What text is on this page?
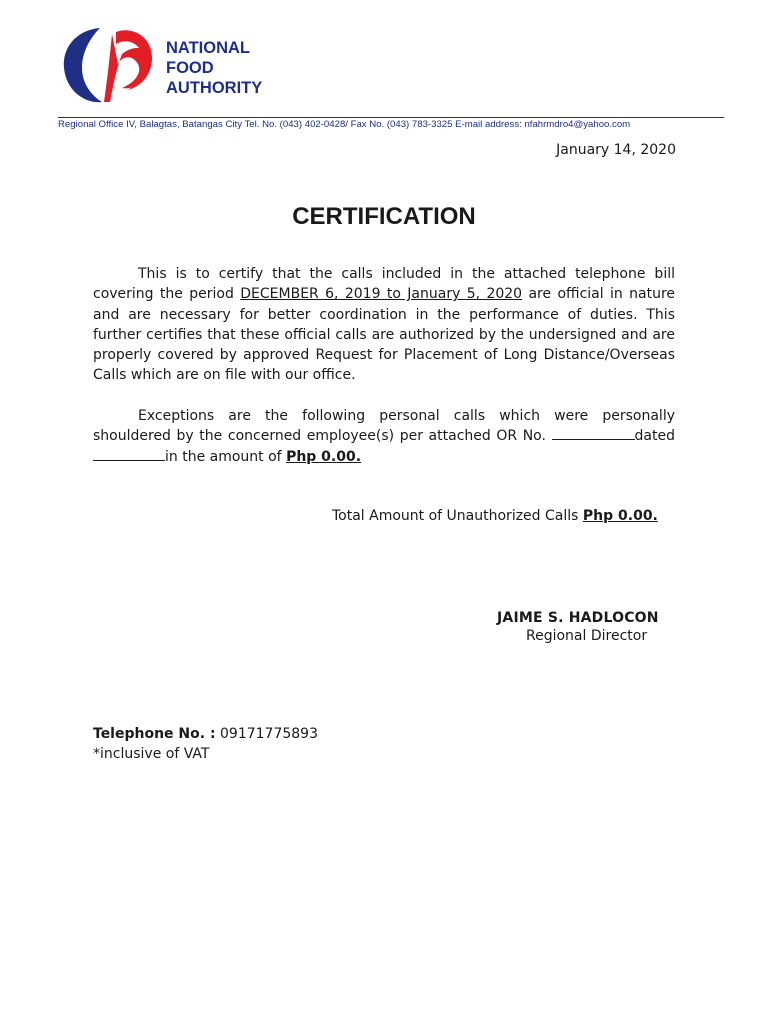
NATIONAL
FOOD
AUTHORITY
Regional Office IV, Balagtas, Batangas City Tel. No. (043) 402-0428/ Fax No. (043) 783-3325 E-mail address: nfahrmdro4@yahoo.com
January 14, 2020
CERTIFICATION
This is to certify that the calls included in the attached telephone bill covering the period DECEMBER 6, 2019 to January 5, 2020 are official in nature and are necessary for better coordination in the performance of duties. This further certifies that these official calls are authorized by the undersigned and are properly covered by approved Request for Placement of Long Distance/Overseas Calls which are on file with our office.
Exceptions are the following personal calls which were personally shouldered by the concerned employee(s) per attached OR No.	dated in the amount of Php 0.00.
Total Amount of Unauthorized Calls Php 0.00.
JAIME S. HADLOCON
Regional Director
Telephone No. : 09171775893
*inclusive of VAT
